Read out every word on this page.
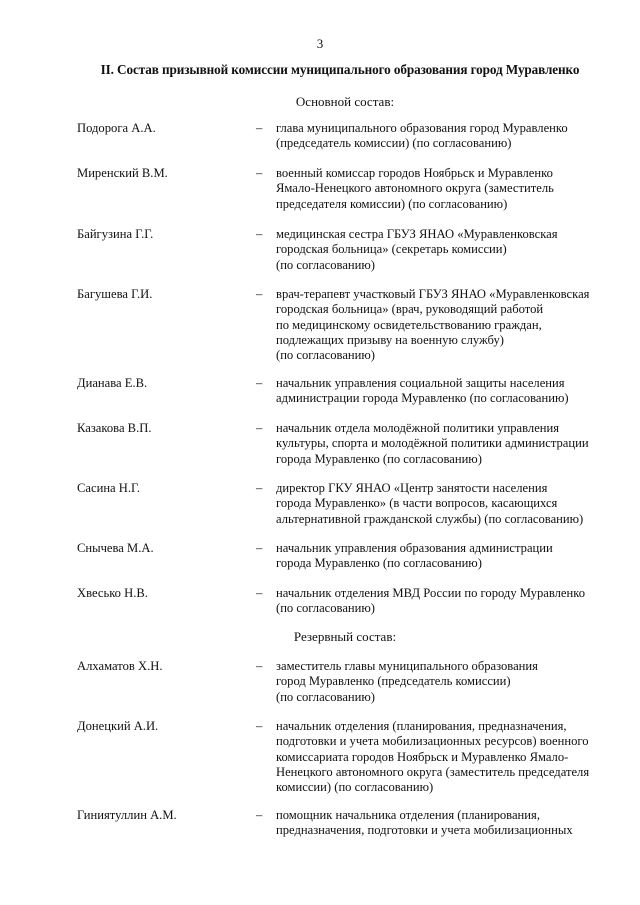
3
II. Состав призывной комиссии муниципального образования город Муравленко
Основной состав:
Резервный состав:
Подорога А.А.	– глава муниципального образования город Муравленко
(председатель комиссии) (по согласованию)
Миренский В.М.	– военный комиссар городов Ноябрьск и Муравленко
Ямало-Ненецкого автономного округа (заместитель
председателя комиссии) (по согласованию)
Байгузина Г.Г.	– медицинская сестра ГБУЗ ЯНАО «Муравленковская
городская больница» (секретарь комиссии)
(по согласованию)
Багушева Г.И.	– врач-терапевт участковый ГБУЗ ЯНАО «Муравленковская
городская больница» (врач, руководящий работой
по медицинскому освидетельствованию граждан,
подлежащих призыву на военную службу)
(по согласованию)
Дианава Е.В.	– начальник управления социальной защиты населения
администрации города Муравленко (по согласованию)
Казакова В.П.	– начальник отдела молодёжной политики управления
культуры, спорта и молодёжной политики администрации
города Муравленко (по согласованию)
Сасина Н.Г.	– директор ГКУ ЯНАО «Центр занятости населения
города Муравленко» (в части вопросов, касающихся
альтернативной гражданской службы) (по согласованию)
Снычева М.А.	– начальник управления образования администрации
города Муравленко (по согласованию)
Хвесько Н.В.	– начальник отделения МВД России по городу Муравленко
(по согласованию)
Алхаматов Х.Н.	– заместитель главы муниципального образования
город Муравленко (председатель комиссии)
(по согласованию)
Донецкий А.И.	– начальник отделения (планирования, предназначения,
подготовки и учета мобилизационных ресурсов) военного
комиссариата городов Ноябрьск и Муравленко Ямало-
Ненецкого автономного округа (заместитель председателя
комиссии) (по согласованию)
Гиниятуллин А.М.	– помощник начальника отделения (планирования,
предназначения, подготовки и учета мобилизационных
